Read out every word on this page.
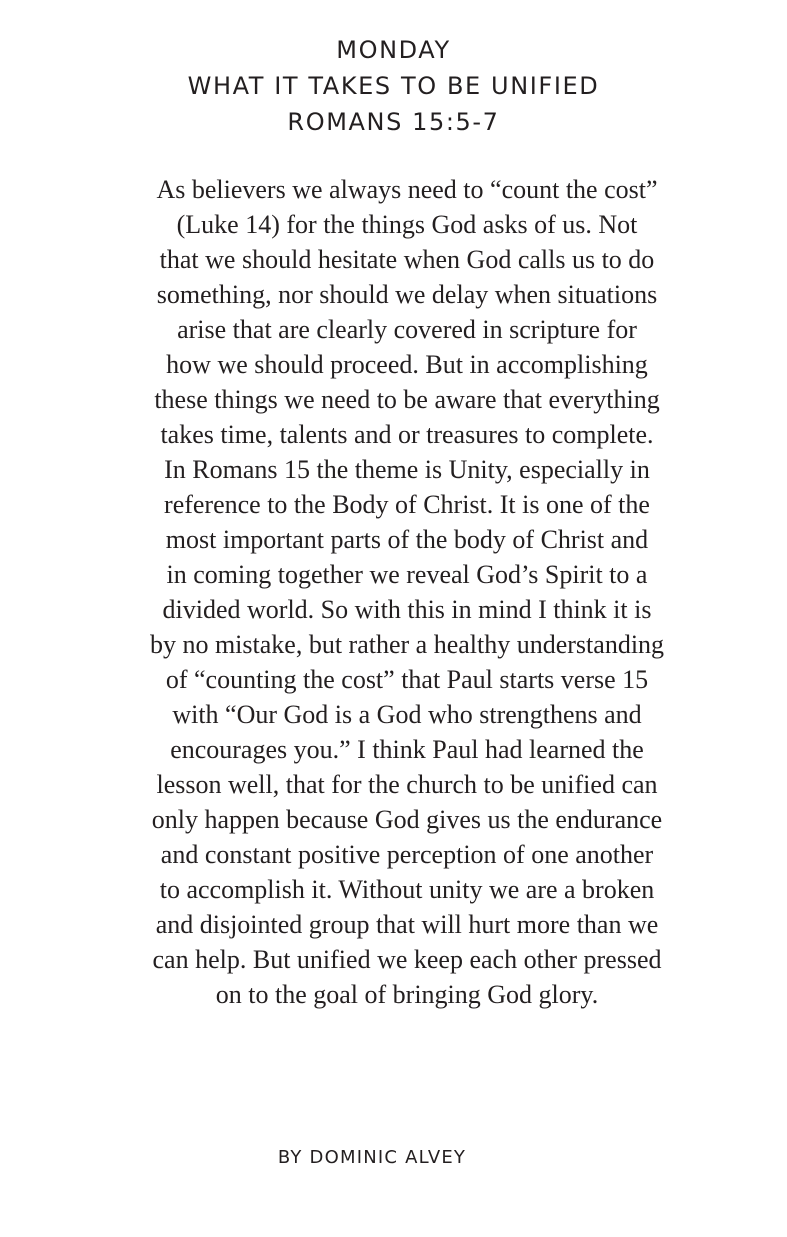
MONDAY
WHAT IT TAKES TO BE UNIFIED
ROMANS 15:5-7
As believers we always need to “count the cost”
(Luke 14) for the things God asks of us. Not
that we should hesitate when God calls us to do
something, nor should we delay when situations
arise that are clearly covered in scripture for
how we should proceed. But in accomplishing
these things we need to be aware that everything
takes time, talents and or treasures to complete.
In Romans 15 the theme is Unity, especially in
reference to the Body of Christ. It is one of the
most important parts of the body of Christ and
in coming together we reveal God’s Spirit to a
divided world. So with this in mind I think it is
by no mistake, but rather a healthy understanding
of “counting the cost” that Paul starts verse 15
with “Our God is a God who strengthens and
encourages you.” I think Paul had learned the
lesson well, that for the church to be unified can
only happen because God gives us the endurance
and constant positive perception of one another
to accomplish it. Without unity we are a broken
and disjointed group that will hurt more than we
can help. But unified we keep each other pressed
on to the goal of bringing God glory.
BY DOMINIC ALVEY
